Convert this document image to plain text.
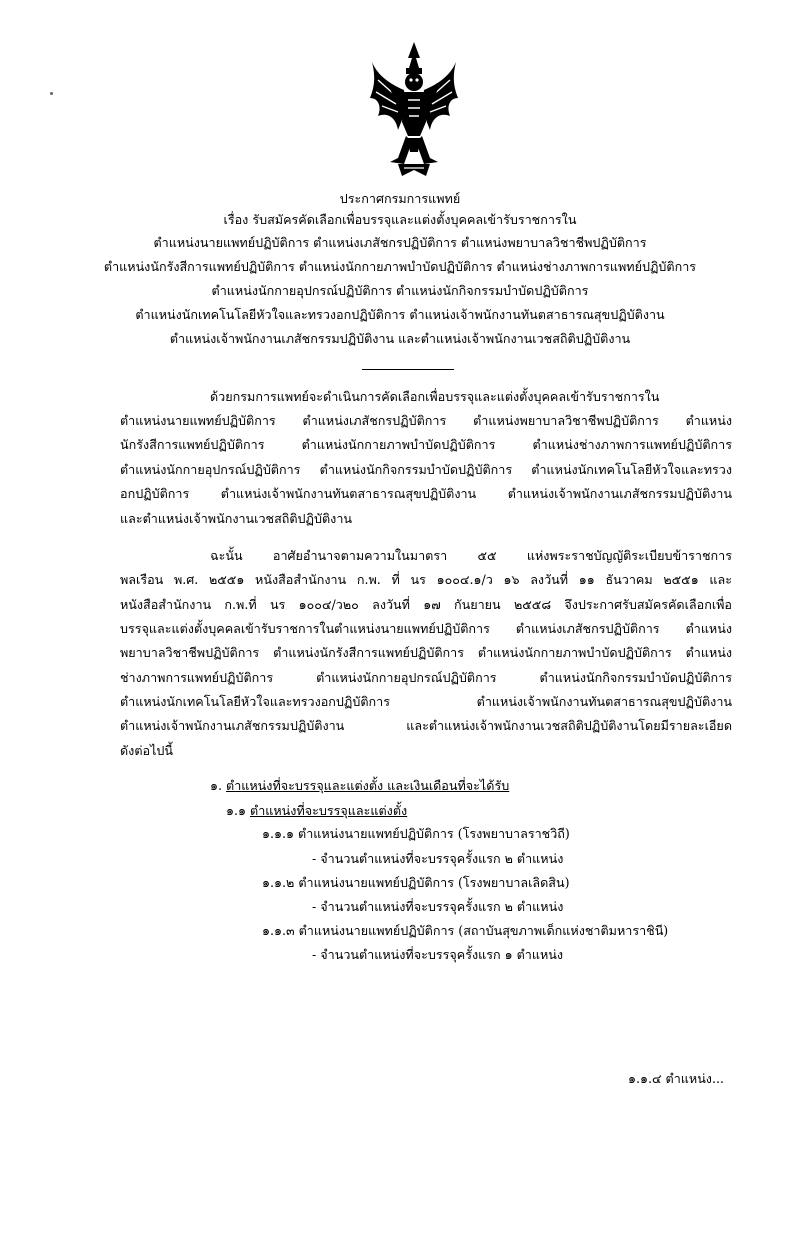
ประกาศกรมการแพทย์
เรื่อง รับสมัครคัดเลือกเพื่อบรรจุและแต่งตั้งบุคคลเข้ารับราชการใน
ตำแหน่งนายแพทย์ปฏิบัติการ ตำแหน่งเภสัชกรปฏิบัติการ ตำแหน่งพยาบาลวิชาชีพปฏิบัติการ
ตำแหน่งนักรังสีการแพทย์ปฏิบัติการ ตำแหน่งนักกายภาพบำบัดปฏิบัติการ ตำแหน่งช่างภาพการแพทย์ปฏิบัติการ
ตำแหน่งนักกายอุปกรณ์ปฏิบัติการ ตำแหน่งนักกิจกรรมบำบัดปฏิบัติการ
ตำแหน่งนักเทคโนโลยีหัวใจและทรวงอกปฏิบัติการ ตำแหน่งเจ้าพนักงานทันตสาธารณสุขปฏิบัติงาน
ตำแหน่งเจ้าพนักงานเภสัชกรรมปฏิบัติงาน และตำแหน่งเจ้าพนักงานเวชสถิติปฏิบัติงาน
ด้วยกรมการแพทย์จะดำเนินการคัดเลือกเพื่อบรรจุและแต่งตั้งบุคคลเข้ารับราชการใน
ตำแหน่งนายแพทย์ปฏิบัติการ ตำแหน่งเภสัชกรปฏิบัติการ ตำแหน่งพยาบาลวิชาชีพปฏิบัติการ ตำแหน่ง
นักรังสีการแพทย์ปฏิบัติการ ตำแหน่งนักกายภาพบำบัดปฏิบัติการ ตำแหน่งช่างภาพการแพทย์ปฏิบัติการ
ตำแหน่งนักกายอุปกรณ์ปฏิบัติการ ตำแหน่งนักกิจกรรมบำบัดปฏิบัติการ ตำแหน่งนักเทคโนโลยีหัวใจและทรวง
อกปฏิบัติการ ตำแหน่งเจ้าพนักงานทันตสาธารณสุขปฏิบัติงาน ตำแหน่งเจ้าพนักงานเภสัชกรรมปฏิบัติงาน
และตำแหน่งเจ้าพนักงานเวชสถิติปฏิบัติงาน
ฉะนั้น อาศัยอำนาจตามความในมาตรา ๕๕ แห่งพระราชบัญญัติระเบียบข้าราชการ
พลเรือน พ.ศ. ๒๕๕๑ หนังสือสำนักงาน ก.พ. ที่ นร ๑๐๐๔.๑/ว ๑๖ ลงวันที่ ๑๑ ธันวาคม ๒๕๕๑ และ
หนังสือสำนักงาน ก.พ.ที่ นร ๑๐๐๔/ว๒๐ ลงวันที่ ๑๗ กันยายน ๒๕๕๘ จึงประกาศรับสมัครคัดเลือกเพื่อ
บรรจุและแต่งตั้งบุคคลเข้ารับราชการในตำแหน่งนายแพทย์ปฏิบัติการ ตำแหน่งเภสัชกรปฏิบัติการ ตำแหน่ง
พยาบาลวิชาชีพปฏิบัติการ ตำแหน่งนักรังสีการแพทย์ปฏิบัติการ ตำแหน่งนักกายภาพบำบัดปฏิบัติการ ตำแหน่ง
ช่างภาพการแพทย์ปฏิบัติการ ตำแหน่งนักกายอุปกรณ์ปฏิบัติการ ตำแหน่งนักกิจกรรมบำบัดปฏิบัติการ
ตำแหน่งนักเทคโนโลยีหัวใจและทรวงอกปฏิบัติการ ตำแหน่งเจ้าพนักงานทันตสาธารณสุขปฏิบัติงาน
ตำแหน่งเจ้าพนักงานเภสัชกรรมปฏิบัติงาน และตำแหน่งเจ้าพนักงานเวชสถิติปฏิบัติงานโดยมีรายละเอียด
ดังต่อไปนี้
๑. ตำแหน่งที่จะบรรจุและแต่งตั้ง และเงินเดือนที่จะได้รับ
๑.๑ ตำแหน่งที่จะบรรจุและแต่งตั้ง
๑.๑.๑ ตำแหน่งนายแพทย์ปฏิบัติการ (โรงพยาบาลราชวิถี)
- จำนวนตำแหน่งที่จะบรรจุครั้งแรก ๒ ตำแหน่ง
๑.๑.๒ ตำแหน่งนายแพทย์ปฏิบัติการ (โรงพยาบาลเลิดสิน)
- จำนวนตำแหน่งที่จะบรรจุครั้งแรก ๒ ตำแหน่ง
๑.๑.๓ ตำแหน่งนายแพทย์ปฏิบัติการ (สถาบันสุขภาพเด็กแห่งชาติมหาราชินี)
- จำนวนตำแหน่งที่จะบรรจุครั้งแรก ๑ ตำแหน่ง
๑.๑.๔ ตำแหน่ง...
